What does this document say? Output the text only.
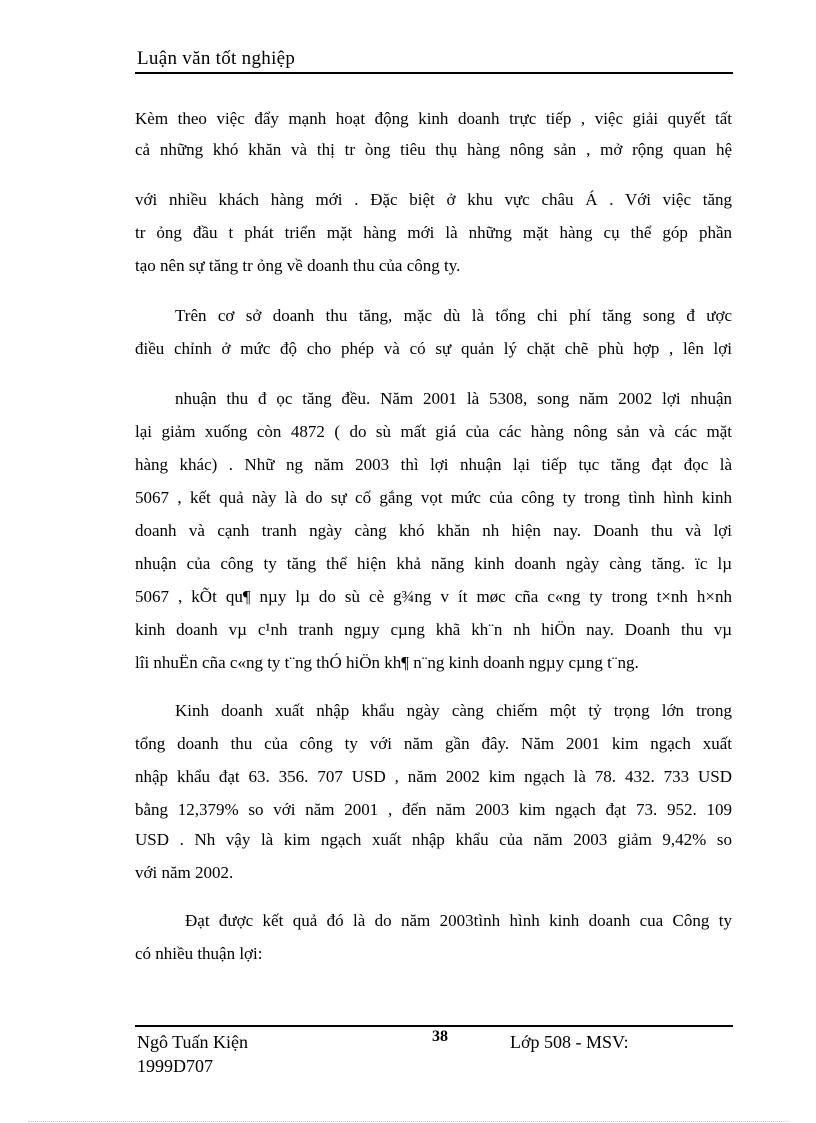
Luận văn tốt nghiệp
Kèm theo việc đẩy mạnh hoạt động kinh doanh trực tiếp , việc giải quyết tất
cả những khó khăn và thị tr òng tiêu thụ hàng nông sản , mở rộng quan hệ
với nhiều khách hàng mới . Đặc biệt ở khu vực châu Á . Với việc tăng
tr ỏng đầu t phát triển mặt hàng mới là những mặt hàng cụ thể góp phần
tạo nên sự tăng tr ỏng về doanh thu của công ty.
Trên cơ sở doanh thu tăng, mặc dù là tổng chi phí tăng song đ ược
điều chỉnh ở mức độ cho phép và có sự quản lý chặt chẽ phù hợp , lên lợi
nhuận thu đ ọc tăng đều. Năm 2001 là 5308, song năm 2002 lợi nhuận
lại giảm xuống còn 4872 ( do sù mất giá của các hàng nông sản và các mặt
hàng khác) . Nhữ ng năm 2003 thì lợi nhuận lại tiếp tục tăng đạt đọc là
5067 , kết quả này là do sự cố gắng vọt mức của công ty trong tình hình kinh
doanh và cạnh tranh ngày càng khó khăn nh hiện nay. Doanh thu và lợi
nhuận của công ty tăng thể hiện khả năng kinh doanh ngày càng tăng. ïc lµ
5067 , kÕt qu¶ nµy lµ do sù cè g¾ng v ít møc cña c«ng ty trong t×nh h×nh
kinh doanh vµ c¹nh tranh ngµy cµng khã kh¨n nh hiÖn nay. Doanh thu vµ
lîi nhuËn cña c«ng ty t¨ng thÓ hiÖn kh¶ n¨ng kinh doanh ngµy cµng t¨ng.
Kinh doanh xuất nhập khẩu ngày càng chiếm một tỷ trọng lớn trong
tổng doanh thu của công ty với năm gần đây. Năm 2001 kim ngạch xuất
nhập khẩu đạt 63. 356. 707 USD , năm 2002 kim ngạch là 78. 432. 733 USD
bằng 12,379% so với năm 2001 , đến năm 2003 kim ngạch đạt 73. 952. 109
USD . Nh vậy là kim ngạch xuất nhập khẩu của năm 2003 giảm 9,42% so
với năm 2002.
Đạt được kết quả đó là do năm 2003tình hình kinh doanh cua Công ty
có nhiều thuận lợi:
Ngô Tuấn Kiện
1999D707
38	Lớp 508 - MSV:
